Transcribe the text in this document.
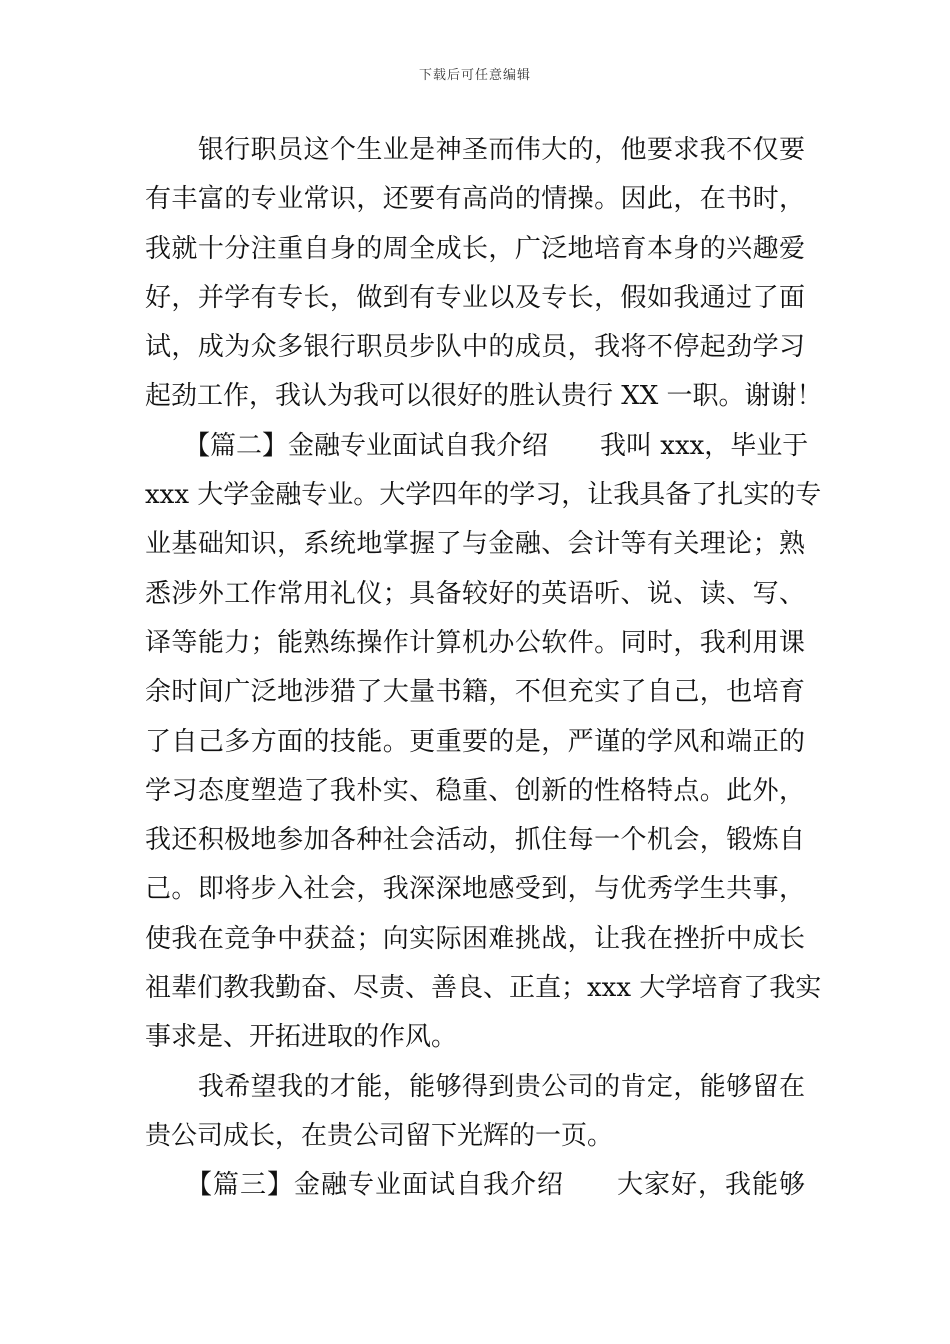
下载后可任意编辑
　　银行职员这个生业是神圣而伟大的，他要求我不仅要
有丰富的专业常识，还要有高尚的情操。因此，在书时，
我就十分注重自身的周全成长，广泛地培育本身的兴趣爱
好，并学有专长，做到有专业以及专长，假如我通过了面
试，成为众多银行职员步队中的成员，我将不停起劲学习
起劲工作，我认为我可以很好的胜认贵行 XX 一职。谢谢！
　　【篇二】金融专业面试自我介绍 我叫 xxx，毕业于
xxx 大学金融专业。大学四年的学习，让我具备了扎实的专
业基础知识，系统地掌握了与金融、会计等有关理论；熟
悉涉外工作常用礼仪；具备较好的英语听、说、读、写、
译等能力；能熟练操作计算机办公软件。同时，我利用课
余时间广泛地涉猎了大量书籍，不但充实了自己，也培育
了自己多方面的技能。更重要的是，严谨的学风和端正的
学习态度塑造了我朴实、稳重、创新的性格特点。此外，
我还积极地参加各种社会活动，抓住每一个机会，锻炼自
己。即将步入社会，我深深地感受到，与优秀学生共事，
使我在竞争中获益；向实际困难挑战，让我在挫折中成长
祖辈们教我勤奋、尽责、善良、正直；xxx 大学培育了我实
事求是、开拓进取的作风。
　　我希望我的才能，能够得到贵公司的肯定，能够留在
贵公司成长，在贵公司留下光辉的一页。
　　【篇三】金融专业面试自我介绍 大家好，我能够
